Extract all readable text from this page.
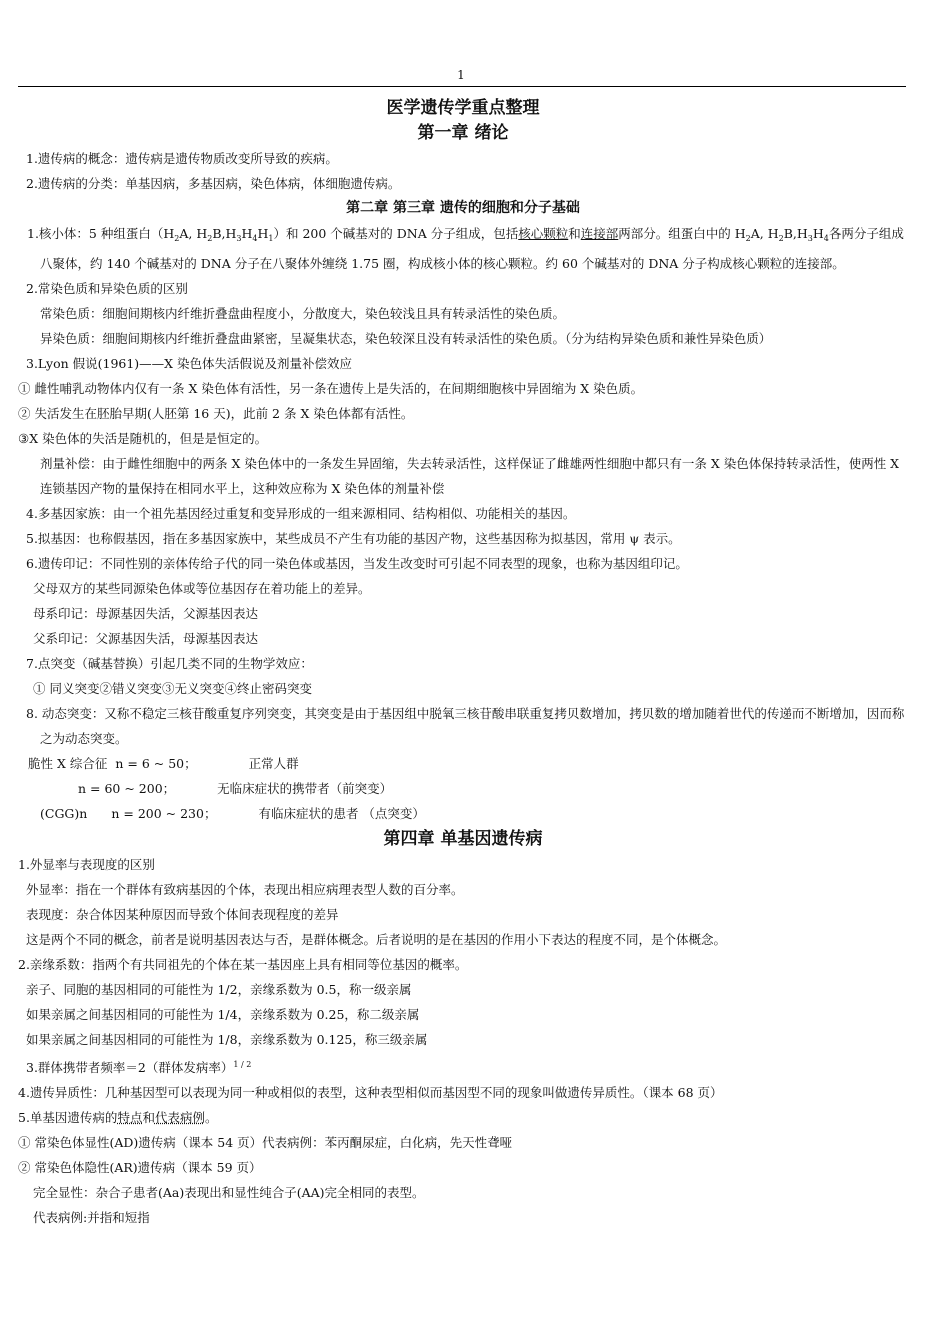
1
医学遗传学重点整理
第一章 绪论
1.遗传病的概念：遗传病是遗传物质改变所导致的疾病。
2.遗传病的分类：单基因病，多基因病，染色体病，体细胞遗传病。
第二章 第三章 遗传的细胞和分子基础
1.核小体：5 种组蛋白（$H_2A$, $H_2B,H_3H_4H_1$）和 200 个碱基对的 DNA 分子组成，包括核心颗粒和连接部两部分。组蛋白中的 $H_2A$, $H_2B,H_3H_4$各两分子组成八聚体，约 140 个碱基对的 DNA 分子在八聚体外缠绕 1.75 圈，构成核小体的核心颗粒。约 60 个碱基对的 DNA 分子构成核心颗粒的连接部。
2.常染色质和异染色质的区别
常染色质：细胞间期核内纤维折叠盘曲程度小，分散度大，染色较浅且具有转录活性的染色质。
异染色质：细胞间期核内纤维折叠盘曲紧密，呈凝集状态，染色较深且没有转录活性的染色质。（分为结构异染色质和兼性异染色质）
3.Lyon 假说(1961)——X 染色体失活假说及剂量补偿效应
① 雌性哺乳动物体内仅有一条 X 染色体有活性，另一条在遗传上是失活的，在间期细胞核中异固缩为 X 染色质。
② 失活发生在胚胎早期(人胚第 16 天)，此前 2 条 X 染色体都有活性。
③X 染色体的失活是随机的，但是是恒定的。
剂量补偿：由于雌性细胞中的两条 X 染色体中的一条发生异固缩，失去转录活性，这样保证了雌雄两性细胞中都只有一条 X 染色体保持转录活性，使两性 X 连锁基因产物的量保持在相同水平上，这种效应称为 X 染色体的剂量补偿
4.多基因家族：由一个祖先基因经过重复和变异形成的一组来源相同、结构相似、功能相关的基因。
5.拟基因：也称假基因，指在多基因家族中，某些成员不产生有功能的基因产物，这些基因称为拟基因，常用 ψ 表示。
6.遗传印记：不同性别的亲体传给子代的同一染色体或基因，当发生改变时可引起不同表型的现象，也称为基因组印记。
父母双方的某些同源染色体或等位基因存在着功能上的差异。
母系印记：母源基因失活，父源基因表达
父系印记：父源基因失活，母源基因表达
7.点突变（碱基替换）引起几类不同的生物学效应：
① 同义突变②错义突变③无义突变④终止密码突变
8. 动态突变：又称不稳定三核苷酸重复序列突变，其突变是由于基因组中脱氧三核苷酸串联重复拷贝数增加，拷贝数的增加随着世代的传递而不断增加，因而称之为动态突变。
脆性 X 综合征 n = 6 ~ 50；	正常人群
n = 60 ~ 200；	无临床症状的携带者（前突变）
(CGG)n n = 200 ~ 230；	有临床症状的患者 （点突变）
第四章 单基因遗传病
1.外显率与表现度的区别
外显率：指在一个群体有致病基因的个体，表现出相应病理表型人数的百分率。
表现度：杂合体因某种原因而导致个体间表现程度的差异
这是两个不同的概念，前者是说明基因表达与否，是群体概念。后者说明的是在基因的作用小下表达的程度不同，是个体概念。
2.亲缘系数：指两个有共同祖先的个体在某一基因座上具有相同等位基因的概率。
亲子、同胞的基因相同的可能性为 1/2，亲缘系数为 0.5，称一级亲属
如果亲属之间基因相同的可能性为 1/4，亲缘系数为 0.25，称二级亲属
如果亲属之间基因相同的可能性为 1/8，亲缘系数为 0.125，称三级亲属
3.群体携带者频率＝2（群体发病率）$^{1 / 2}$
4.遗传异质性：几种基因型可以表现为同一种或相似的表型，这种表型相似而基因型不同的现象叫做遗传异质性。（课本 68 页）
5.单基因遗传病的特点和代表病例。
① 常染色体显性(AD)遗传病（课本 54 页）代表病例：苯丙酮尿症，白化病，先天性聋哑
② 常染色体隐性(AR)遗传病（课本 59 页）
完全显性：杂合子患者(Aa)表现出和显性纯合子(AA)完全相同的表型。
代表病例:并指和短指
